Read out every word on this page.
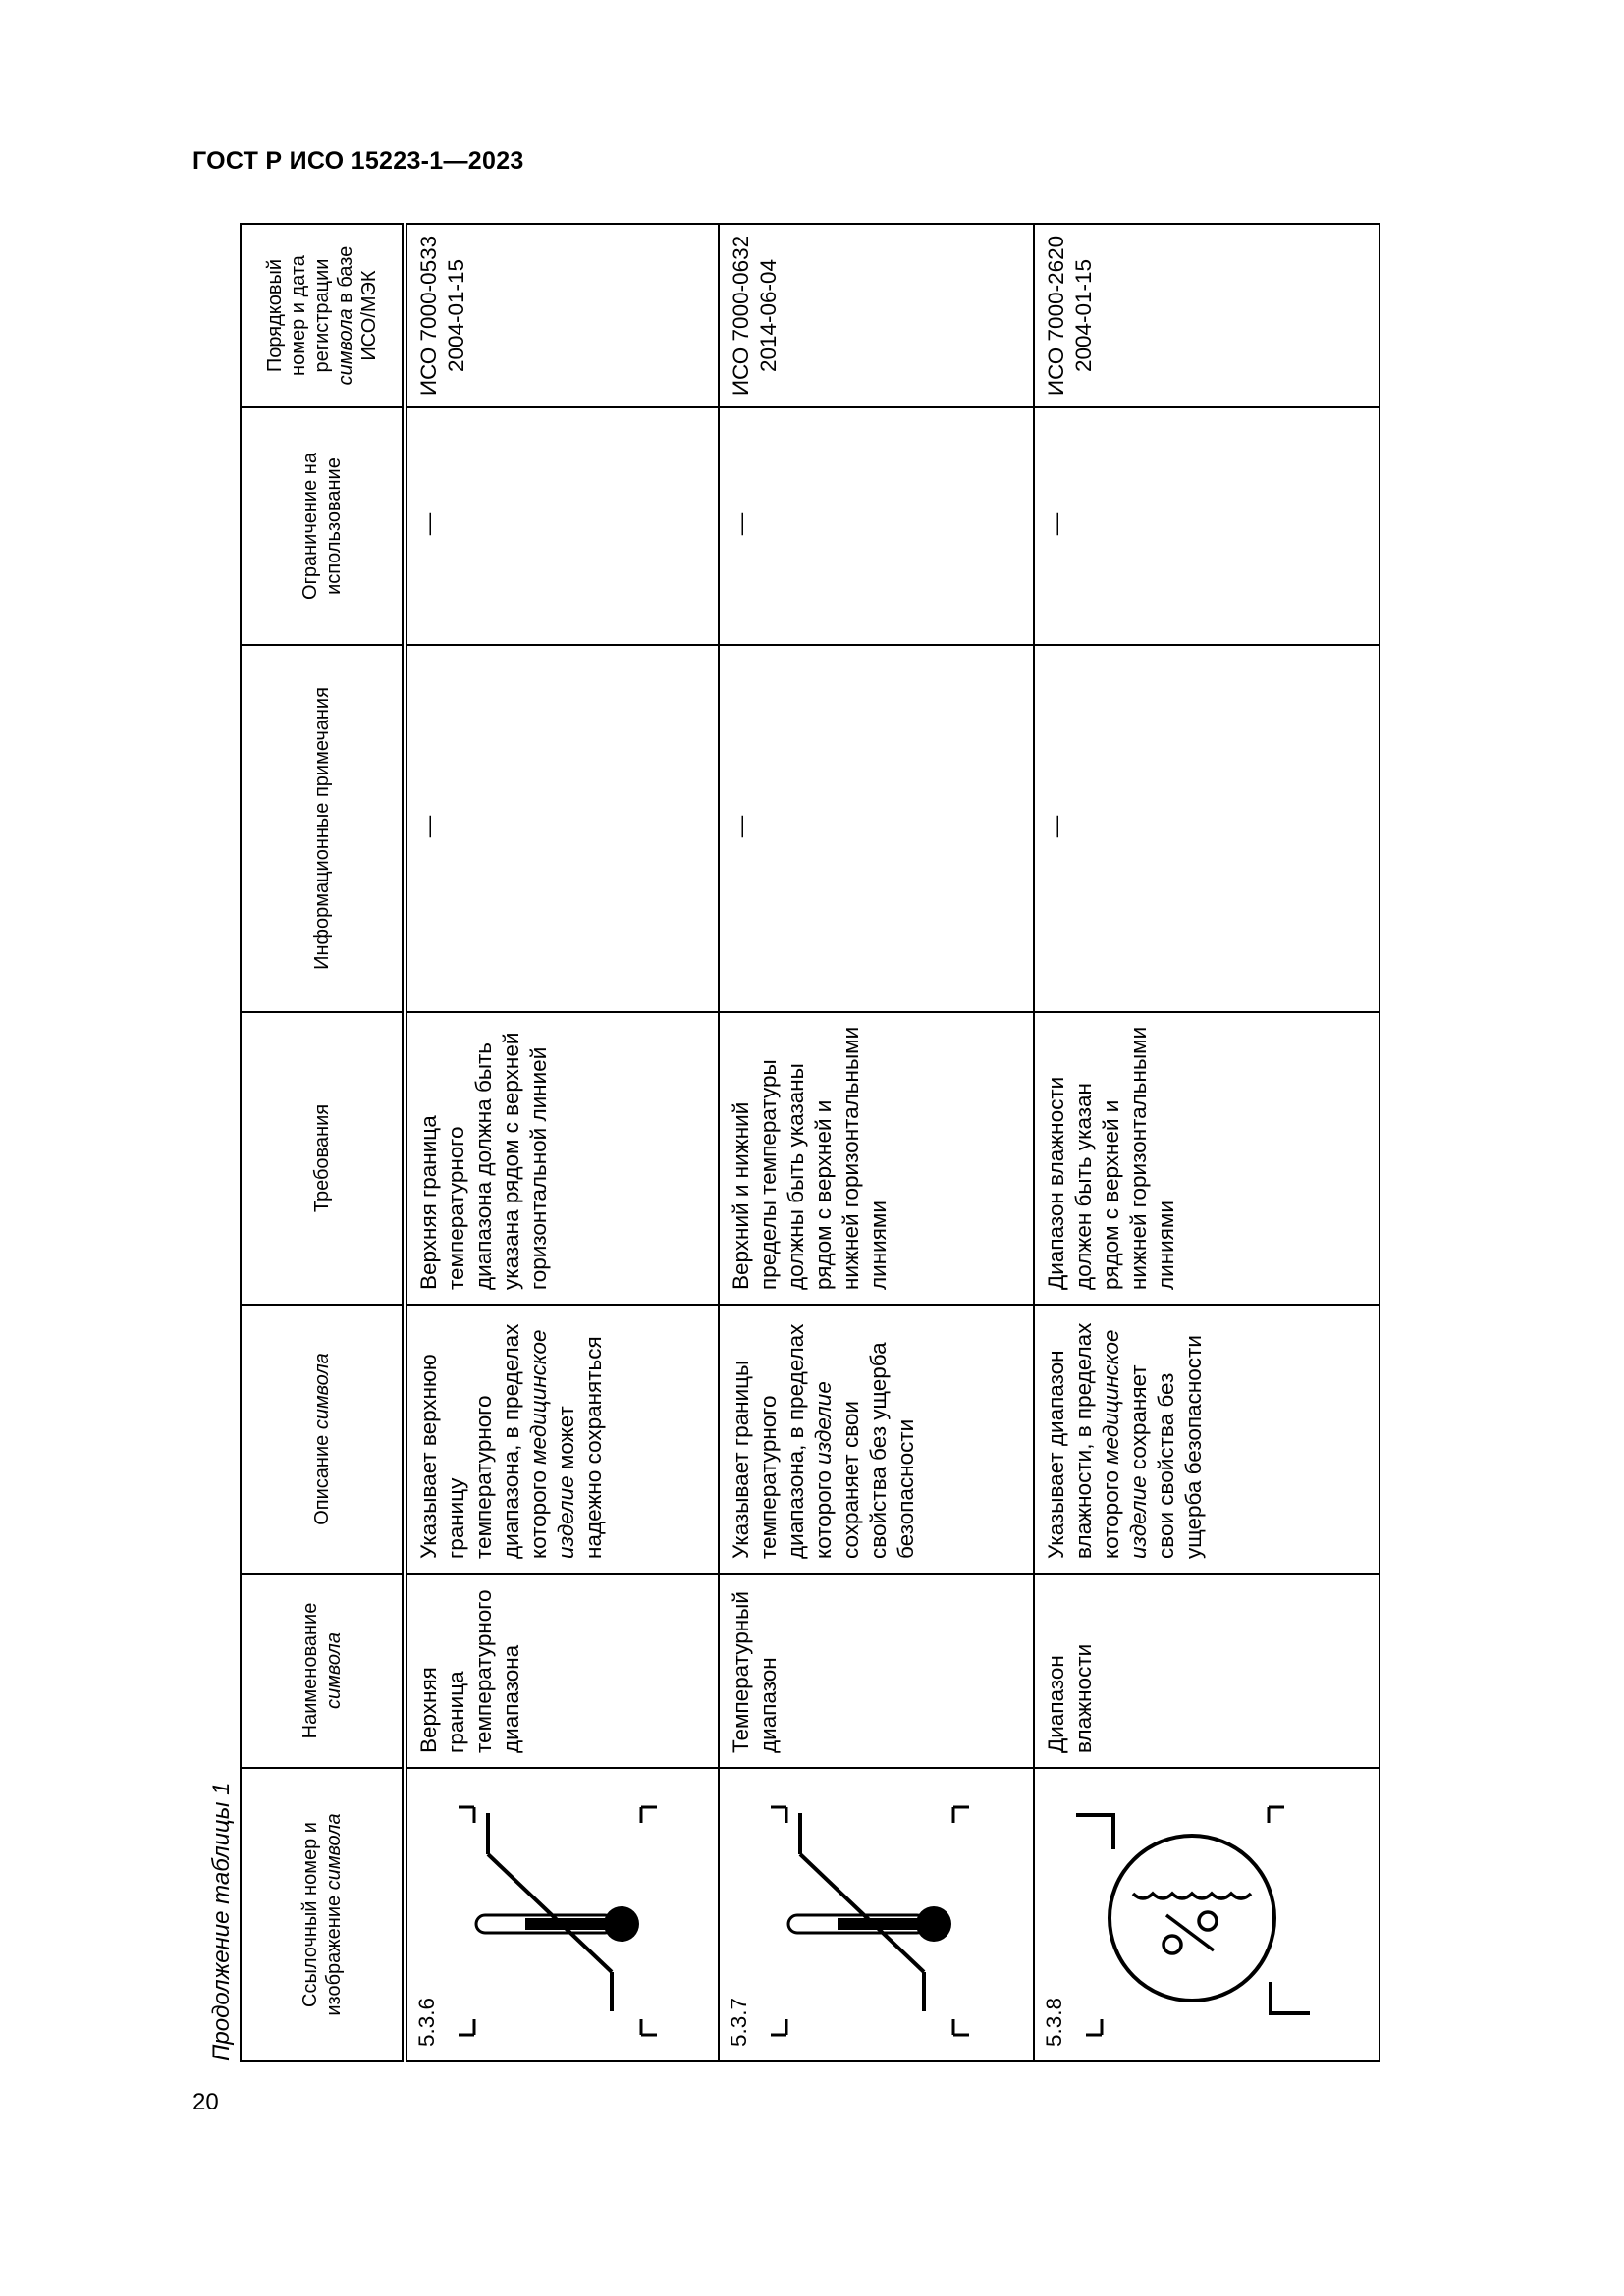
ГОСТ Р ИСО 15223-1—2023
Продолжение таблицы 1
20
Ссылочный номер и изображение символа	Наименование символа	Описание символа	Требования	Информационные примечания	Ограничение на использование	Порядковый номер и дата регистрации символа в базе ИСО/МЭК

5.3.6	Верхняя граница температурного диапазона	Указывает верхнюю границу температурного диапазона, в пределах которого медицинское изделие может надежно сохраняться	Верхняя граница температурного диапазона должна быть указана рядом с верхней горизонтальной линией	—	—	ИСО 7000-0533 2004-01-15

5.3.7	Температурный диапазон	Указывает границы температурного диапазона, в пределах которого изделие сохраняет свои свойства без ущерба безопасности	Верхний и нижний пределы температуры должны быть указаны рядом с верхней и нижней горизонтальными линиями	—	—	ИСО 7000-0632 2014-06-04

5.3.8	Диапазон влажности	Указывает диапазон влажности, в пределах которого медицинское изделие сохраняет свои свойства без ущерба безопасности	Диапазон влажности должен быть указан рядом с верхней и нижней горизонтальными линиями	—	—	ИСО 7000-2620 2004-01-15
